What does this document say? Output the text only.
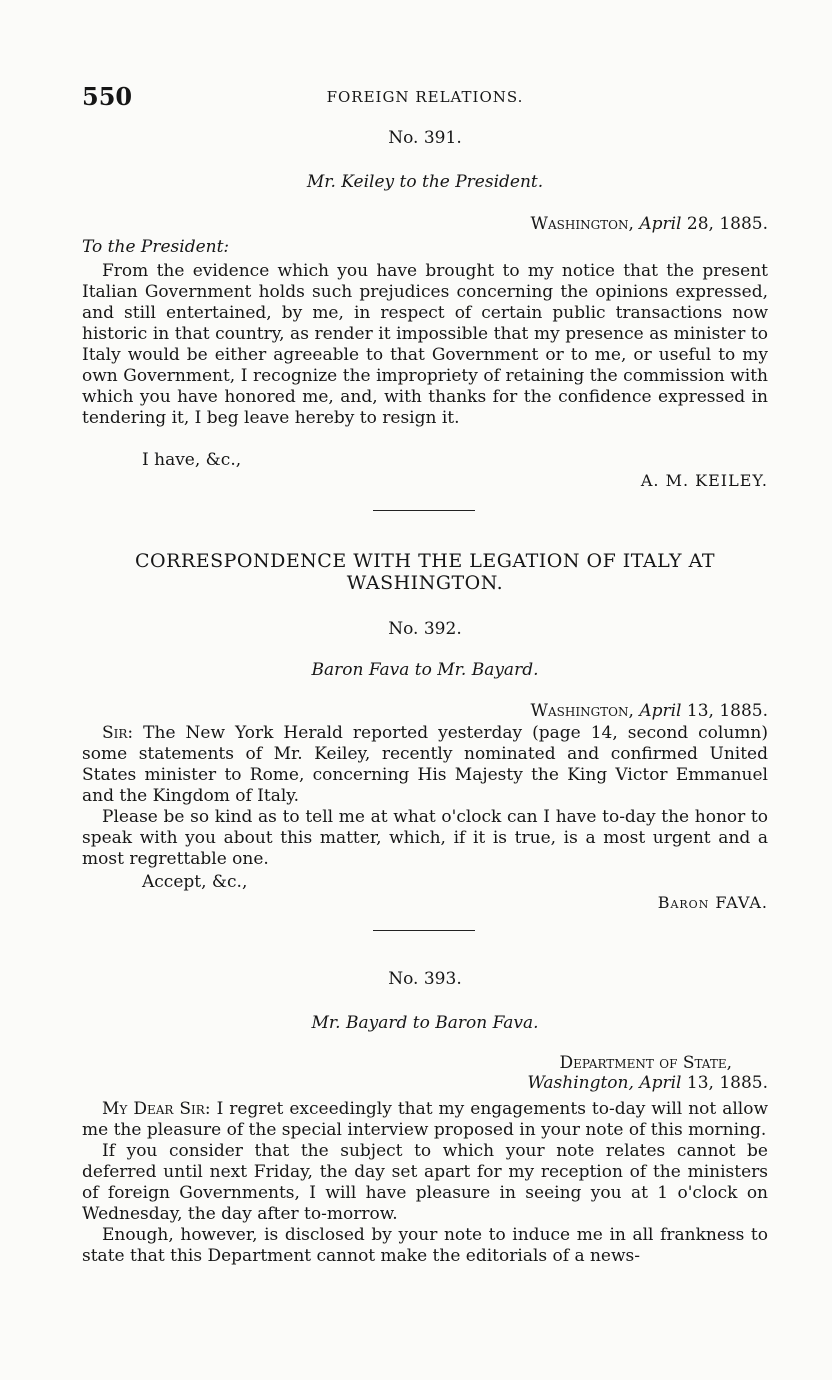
550	FOREIGN RELATIONS.
No. 391.
Mr. Keiley to the President.
Washington, April 28, 1885.
To the President:

From the evidence which you have brought to my notice that the present Italian Government holds such prejudices concerning the opinions expressed, and still entertained, by me, in respect of certain public transactions now historic in that country, as render it impossible that my presence as minister to Italy would be either agreeable to that Government or to me, or useful to my own Government, I recognize the impropriety of retaining the commission with which you have honored me, and, with thanks for the confidence expressed in tendering it, I beg leave hereby to resign it.

I have, &c.,
A. M. KEILEY.
CORRESPONDENCE WITH THE LEGATION OF ITALY AT WASHINGTON.
No. 392.
Baron Fava to Mr. Bayard.
Washington, April 13, 1885.

Sir: The New York Herald reported yesterday (page 14, second column) some statements of Mr. Keiley, recently nominated and confirmed United States minister to Rome, concerning His Majesty the King Victor Emmanuel and the Kingdom of Italy.

Please be so kind as to tell me at what o'clock can I have to-day the honor to speak with you about this matter, which, if it is true, is a most urgent and a most regrettable one.

Accept, &c.,
Baron FAVA.
No. 393.
Mr. Bayard to Baron Fava.
Department of State,
Washington, April 13, 1885.

My Dear Sir: I regret exceedingly that my engagements to-day will not allow me the pleasure of the special interview proposed in your note of this morning.

If you consider that the subject to which your note relates cannot be deferred until next Friday, the day set apart for my reception of the ministers of foreign Governments, I will have pleasure in seeing you at 1 o'clock on Wednesday, the day after to-morrow.

Enough, however, is disclosed by your note to induce me in all frankness to state that this Department cannot make the editorials of a news-
